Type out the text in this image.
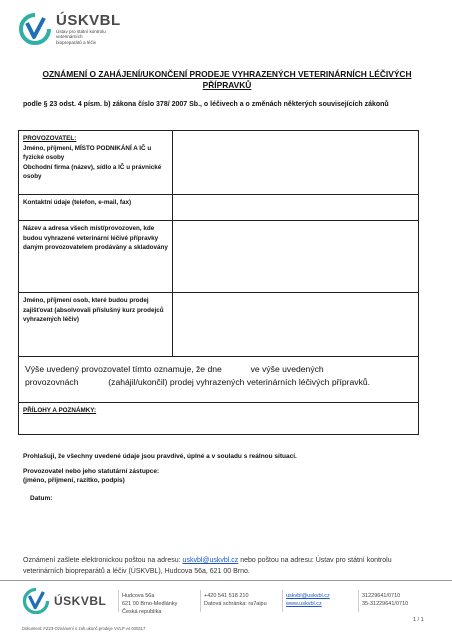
ÚSKVBL
Ústav pro státní kontrolu
veterinárních
biopreparátů a léčiv
OZNÁMENÍ O ZAHÁJENÍ/UKONČENÍ PRODEJE VYHRAZENÝCH VETERINÁRNÍCH LÉČIVÝCH PŘÍPRAVKŮ
podle § 23 odst. 4 písm. b) zákona číslo 378/ 2007 Sb., o léčivech a o změnách některých souvisejících zákonů
PROVOZOVATEL:
Jméno, příjmení, MÍSTO PODNIKÁNÍ A IČ u fyzické osoby
Obchodní firma (název), sídlo a IČ u právnické osoby	

Kontaktní údaje (telefon, e-mail, fax)	
Název a adresa všech míst/provozoven, kde budou vyhrazené veterinární léčivé přípravky daným provozovatelem prodávány a skladovány	
Jméno, příjmení osob, které budou prodej zajišťovat (absolvovali příslušný kurz prodejců vyhrazených léčiv)	
Výše uvedený provozovatel tímto oznamuje, že dne ve výše uvedených
provozovnách (zahájil/ukončil) prodej vyhrazených veterinárních léčivých přípravků.	
PŘÍLOHY A POZNÁMKY:	
Prohlašuji, že všechny uvedené údaje jsou pravdivé, úplné a v souladu s reálnou situací.
Provozovatel nebo jeho statutární zástupce:
(jméno, příjmení, razítko, podpis)
Datum:
Oznámení zašlete elektronickou poštou na adresu: uskvbl@uskvbl.cz nebo poštou na adresu: Ústav pro státní kontrolu veterinárních biopreparátů a léčiv (ÚSKVBL), Hudcova 56a, 621 00 Brno.
ÚSKVBL	Hudcova 56a
621 00 Brno-Medlánky
Česká republika
+420 541 518 210
Datová schránka: ra7aipu
uskvbl@uskvbl.cz
www.uskvbl.cz
31229641/0710
35-31229641/0710
1 / 1
Dokument: FZ23-Oznámení o zah.ukonč.prodeje VVLP v4 030317
